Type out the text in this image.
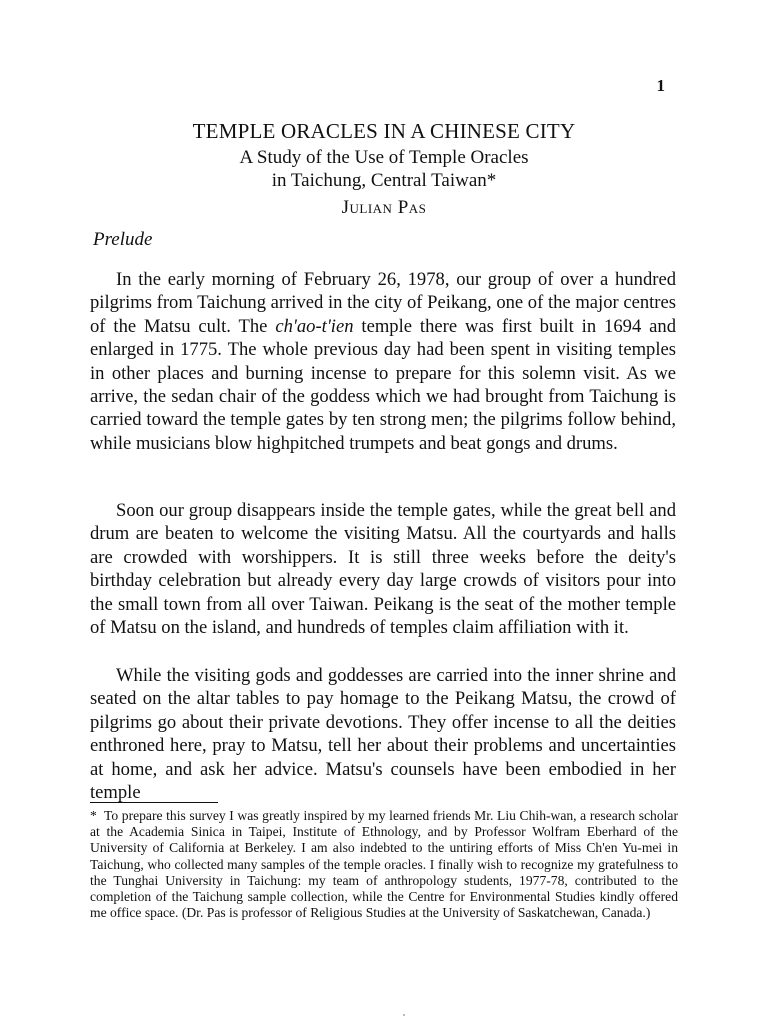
1
TEMPLE ORACLES IN A CHINESE CITY
A Study of the Use of Temple Oracles
in Taichung, Central Taiwan*
Julian Pas
Prelude

In the early morning of February 26, 1978, our group of over a hundred pilgrims from Taichung arrived in the city of Peikang, one of the major centres of the Matsu cult. The ch'ao-t'ien temple there was first built in 1694 and enlarged in 1775. The whole previous day had been spent in visiting temples in other places and burning incense to prepare for this solemn visit. As we arrive, the sedan chair of the goddess which we had brought from Taichung is carried toward the temple gates by ten strong men; the pilgrims follow behind, while musicians blow highpitched trumpets and beat gongs and drums.

Soon our group disappears inside the temple gates, while the great bell and drum are beaten to welcome the visiting Matsu. All the courtyards and halls are crowded with worshippers. It is still three weeks before the deity's birthday celebration but already every day large crowds of visitors pour into the small town from all over Taiwan. Peikang is the seat of the mother temple of Matsu on the island, and hundreds of temples claim affiliation with it.

While the visiting gods and goddesses are carried into the inner shrine and seated on the altar tables to pay homage to the Peikang Matsu, the crowd of pilgrims go about their private devotions. They offer incense to all the deities enthroned here, pray to Matsu, tell her about their problems and uncertainties at home, and ask her advice. Matsu's counsels have been embodied in her temple

* To prepare this survey I was greatly inspired by my learned friends Mr. Liu Chih-wan, a research scholar at the Academia Sinica in Taipei, Institute of Ethnology, and by Professor Wolfram Eberhard of the University of California at Berkeley. I am also indebted to the untiring efforts of Miss Ch'en Yu-mei in Taichung, who collected many samples of the temple oracles. I finally wish to recognize my gratefulness to the Tunghai University in Taichung: my team of anthropology students, 1977-78, contributed to the completion of the Taichung sample collection, while the Centre for Environmental Studies kindly offered me office space. (Dr. Pas is professor of Religious Studies at the University of Saskatchewan, Canada.)
